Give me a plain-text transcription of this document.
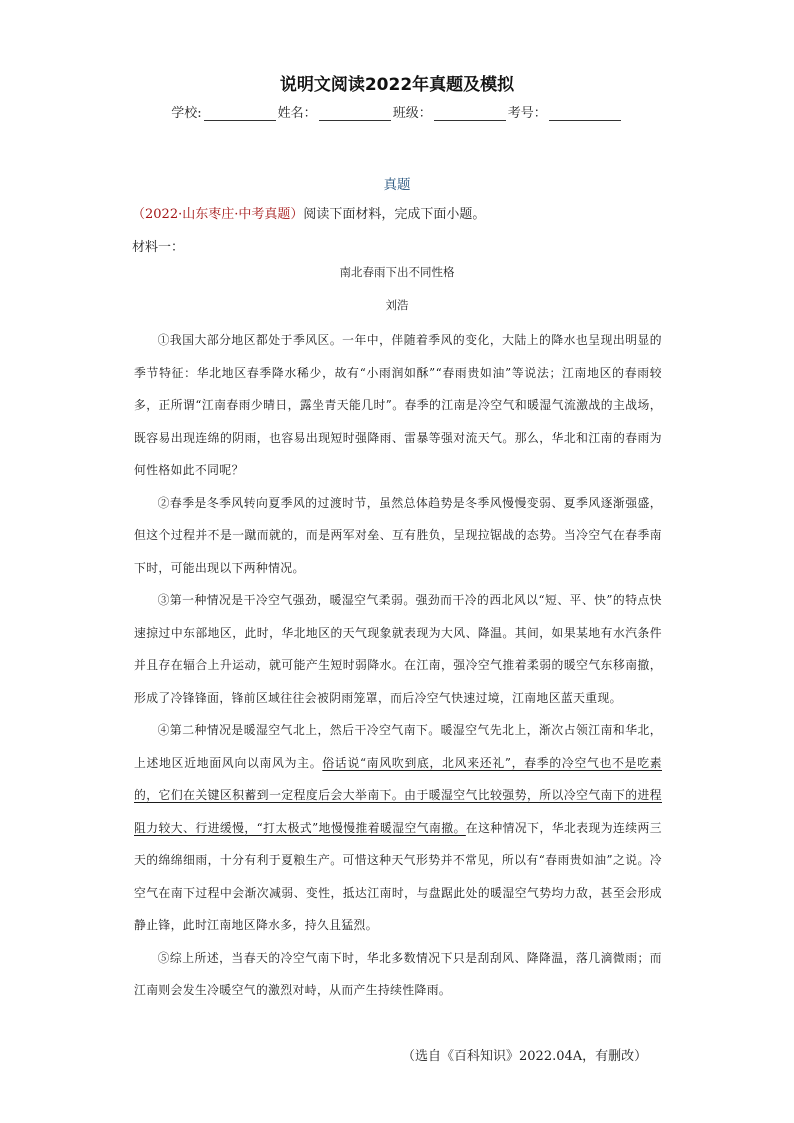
说明文阅读2022年真题及模拟
学校:	姓名：	班级：	考号：
真题
（2022·山东枣庄·中考真题）阅读下面材料，完成下面小题。
材料一：
南北春雨下出不同性格
刘浩

①我国大部分地区都处于季风区。一年中，伴随着季风的变化，大陆上的降水也呈现出明显的季节特征：华北地区春季降水稀少，故有“小雨润如酥”“春雨贵如油”等说法；江南地区的春雨较多，正所谓“江南春雨少晴日，露坐青天能几时”。春季的江南是冷空气和暖湿气流激战的主战场，既容易出现连绵的阴雨，也容易出现短时强降雨、雷暴等强对流天气。那么，华北和江南的春雨为何性格如此不同呢？

②春季是冬季风转向夏季风的过渡时节，虽然总体趋势是冬季风慢慢变弱、夏季风逐渐强盛，但这个过程并不是一蹴而就的，而是两军对垒、互有胜负，呈现拉锯战的态势。当冷空气在春季南下时，可能出现以下两种情况。

③第一种情况是干冷空气强劲，暖湿空气柔弱。强劲而干冷的西北风以“短、平、快”的特点快速掠过中东部地区，此时，华北地区的天气现象就表现为大风、降温。其间，如果某地有水汽条件并且存在辐合上升运动，就可能产生短时弱降水。在江南，强冷空气推着柔弱的暖空气东移南撤，形成了冷锋锋面，锋前区域往往会被阴雨笼罩，而后冷空气快速过境，江南地区蓝天重现。

④第二种情况是暖湿空气北上，然后干冷空气南下。暖湿空气先北上，渐次占领江南和华北，上述地区近地面风向以南风为主。俗话说“南风吹到底，北风来还礼”，春季的冷空气也不是吃素的，它们在关键区积蓄到一定程度后会大举南下。由于暖湿空气比较强势，所以冷空气南下的进程阻力较大、行进缓慢，“打太极式”地慢慢推着暖湿空气南撤。在这种情况下，华北表现为连续两三天的绵绵细雨，十分有利于夏粮生产。可惜这种天气形势并不常见，所以有“春雨贵如油”之说。冷空气在南下过程中会渐次减弱、变性，抵达江南时，与盘踞此处的暖湿空气势均力敌，甚至会形成静止锋，此时江南地区降水多，持久且猛烈。

⑤综上所述，当春天的冷空气南下时，华北多数情况下只是刮刮风、降降温，落几滴微雨；而江南则会发生冷暖空气的激烈对峙，从而产生持续性降雨。

（选自《百科知识》2022.04A，有删改）
